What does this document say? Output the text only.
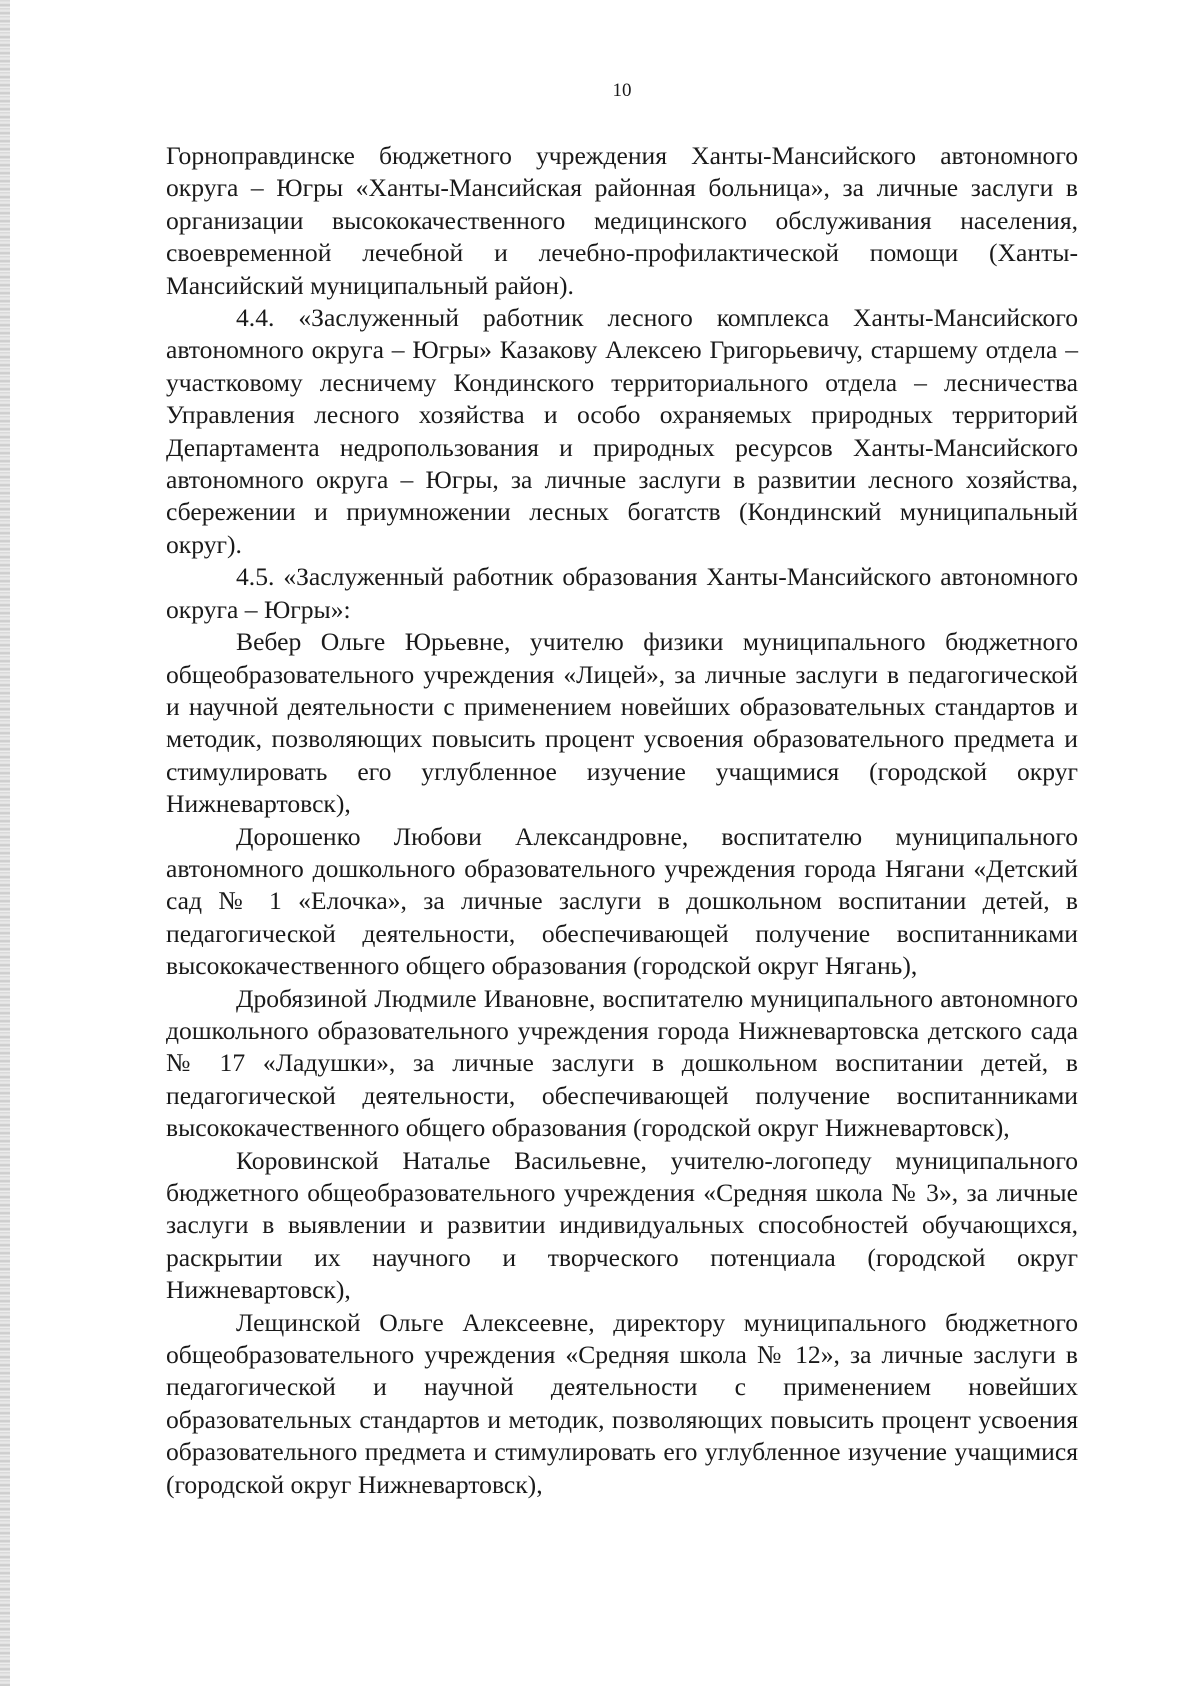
10

Горноправдинске бюджетного учреждения Ханты-Мансийского автономного округа – Югры «Ханты-Мансийская районная больница», за личные заслуги в организации высококачественного медицинского обслуживания населения, своевременной лечебной и лечебно-профилактической помощи (Ханты-Мансийский муниципальный район).

4.4. «Заслуженный работник лесного комплекса Ханты-Мансийского автономного округа – Югры» Казакову Алексею Григорьевичу, старшему отдела – участковому лесничему Кондинского территориального отдела – лесничества Управления лесного хозяйства и особо охраняемых природных территорий Департамента недропользования и природных ресурсов Ханты-Мансийского автономного округа – Югры, за личные заслуги в развитии лесного хозяйства, сбережении и приумножении лесных богатств (Кондинский муниципальный округ).

4.5. «Заслуженный работник образования Ханты-Мансийского автономного округа – Югры»:

Вебер Ольге Юрьевне, учителю физики муниципального бюджетного общеобразовательного учреждения «Лицей», за личные заслуги в педагогической и научной деятельности с применением новейших образовательных стандартов и методик, позволяющих повысить процент усвоения образовательного предмета и стимулировать его углубленное изучение учащимися (городской округ Нижневартовск),

Дорошенко Любови Александровне, воспитателю муниципального автономного дошкольного образовательного учреждения города Нягани «Детский сад № 1 «Елочка», за личные заслуги в дошкольном воспитании детей, в педагогической деятельности, обеспечивающей получение воспитанниками высококачественного общего образования (городской округ Нягань),

Дробязиной Людмиле Ивановне, воспитателю муниципального автономного дошкольного образовательного учреждения города Нижневартовска детского сада № 17 «Ладушки», за личные заслуги в дошкольном воспитании детей, в педагогической деятельности, обеспечивающей получение воспитанниками высококачественного общего образования (городской округ Нижневартовск),

Коровинской Наталье Васильевне, учителю-логопеду муниципального бюджетного общеобразовательного учреждения «Средняя школа № 3», за личные заслуги в выявлении и развитии индивидуальных способностей обучающихся, раскрытии их научного и творческого потенциала (городской округ Нижневартовск),

Лещинской Ольге Алексеевне, директору муниципального бюджетного общеобразовательного учреждения «Средняя школа № 12», за личные заслуги в педагогической и научной деятельности с применением новейших образовательных стандартов и методик, позволяющих повысить процент усвоения образовательного предмета и стимулировать его углубленное изучение учащимися (городской округ Нижневартовск),
